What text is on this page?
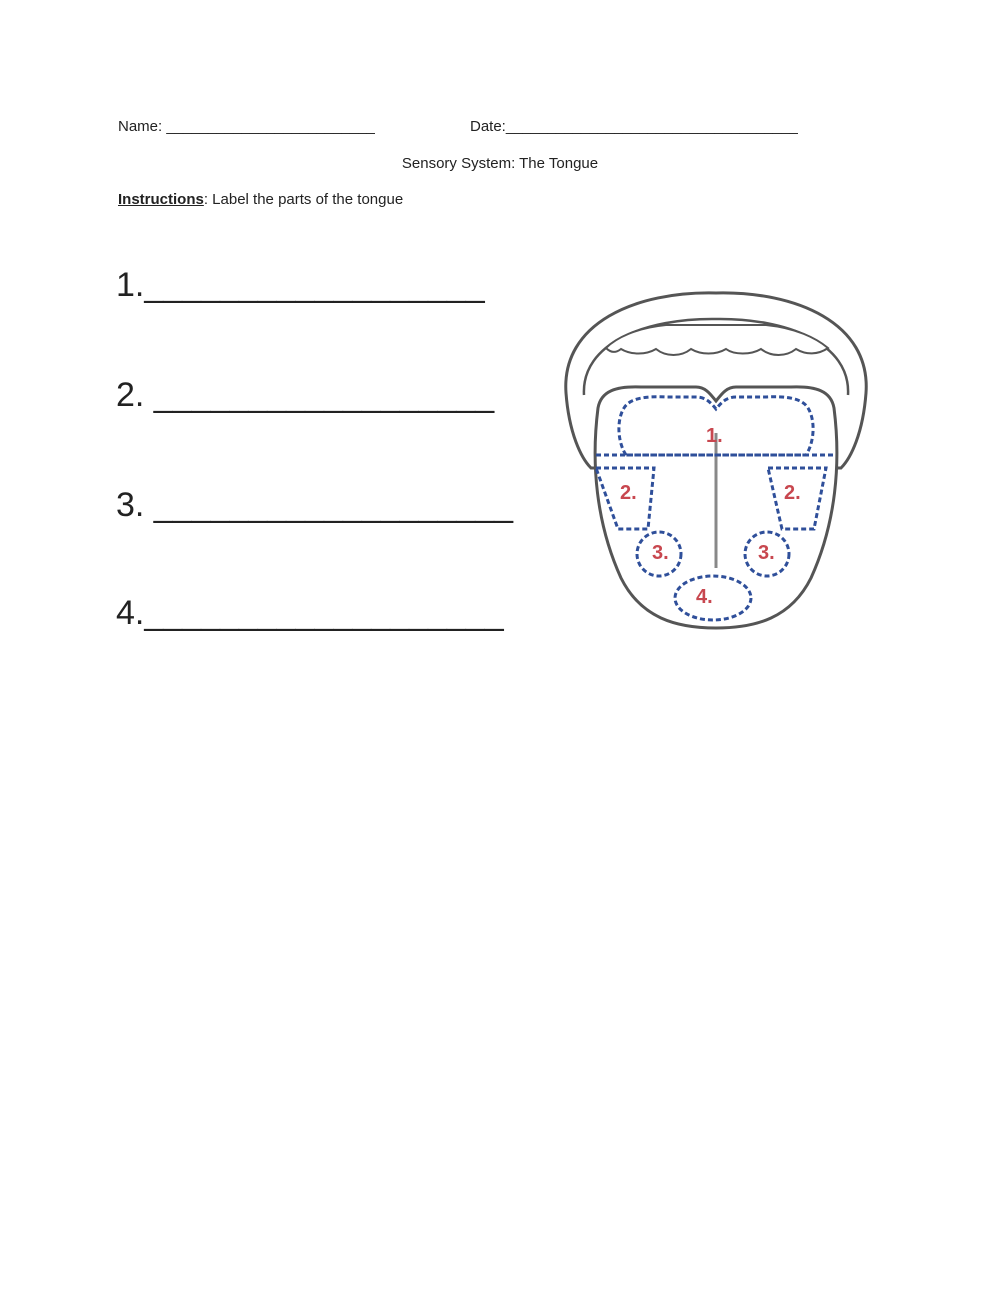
Name: _________________________	Date:___________________________________
Sensory System: The Tongue
Instructions: Label the parts of the tongue
1.__________________
2. __________________
3. ___________________
4.___________________
1.
2.	2.
3.	3.
4.
